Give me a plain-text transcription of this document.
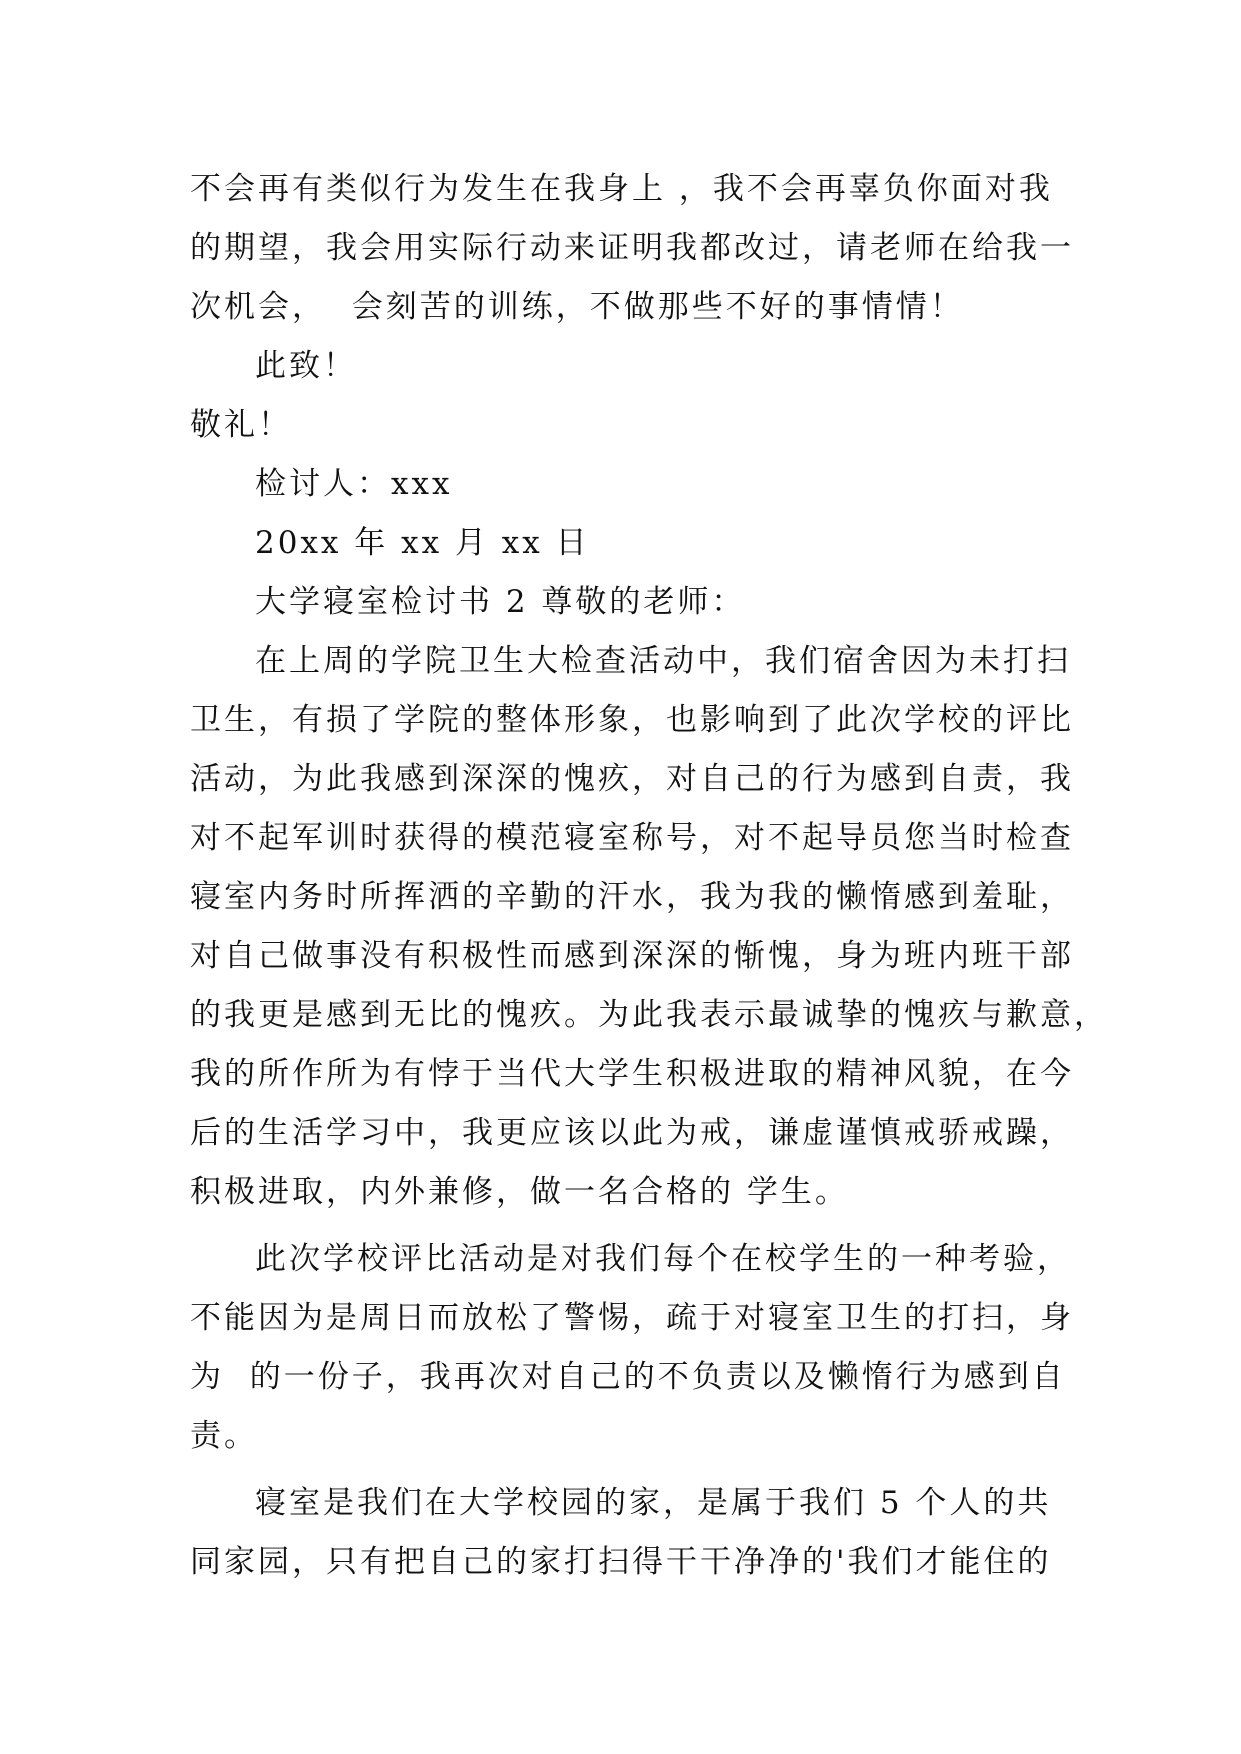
不会再有类似行为发生在我身上 ，我不会再辜负你面对我
的期望，我会用实际行动来证明我都改过，请老师在给我一
次机会，  会刻苦的训练，不做那些不好的事情情！
此致！
敬礼！
检讨人：xxx
20xx 年 xx 月 xx 日
大学寝室检讨书 2 尊敬的老师：
在上周的学院卫生大检查活动中，我们宿舍因为未打扫
卫生，有损了学院的整体形象，也影响到了此次学校的评比
活动，为此我感到深深的愧疚，对自己的行为感到自责，我
对不起军训时获得的模范寝室称号，对不起导员您当时检查
寝室内务时所挥洒的辛勤的汗水，我为我的懒惰感到羞耻，
对自己做事没有积极性而感到深深的惭愧，身为班内班干部
的我更是感到无比的愧疚。为此我表示最诚挚的愧疚与歉意，
我的所作所为有悖于当代大学生积极进取的精神风貌，在今
后的生活学习中，我更应该以此为戒，谦虚谨慎戒骄戒躁，
积极进取，内外兼修，做一名合格的 学生。
此次学校评比活动是对我们每个在校学生的一种考验，
不能因为是周日而放松了警惕，疏于对寝室卫生的打扫，身
为  的一份子，我再次对自己的不负责以及懒惰行为感到自
责。
寝室是我们在大学校园的家，是属于我们 5 个人的共
同家园，只有把自己的家打扫得干干净净的'我们才能住的
